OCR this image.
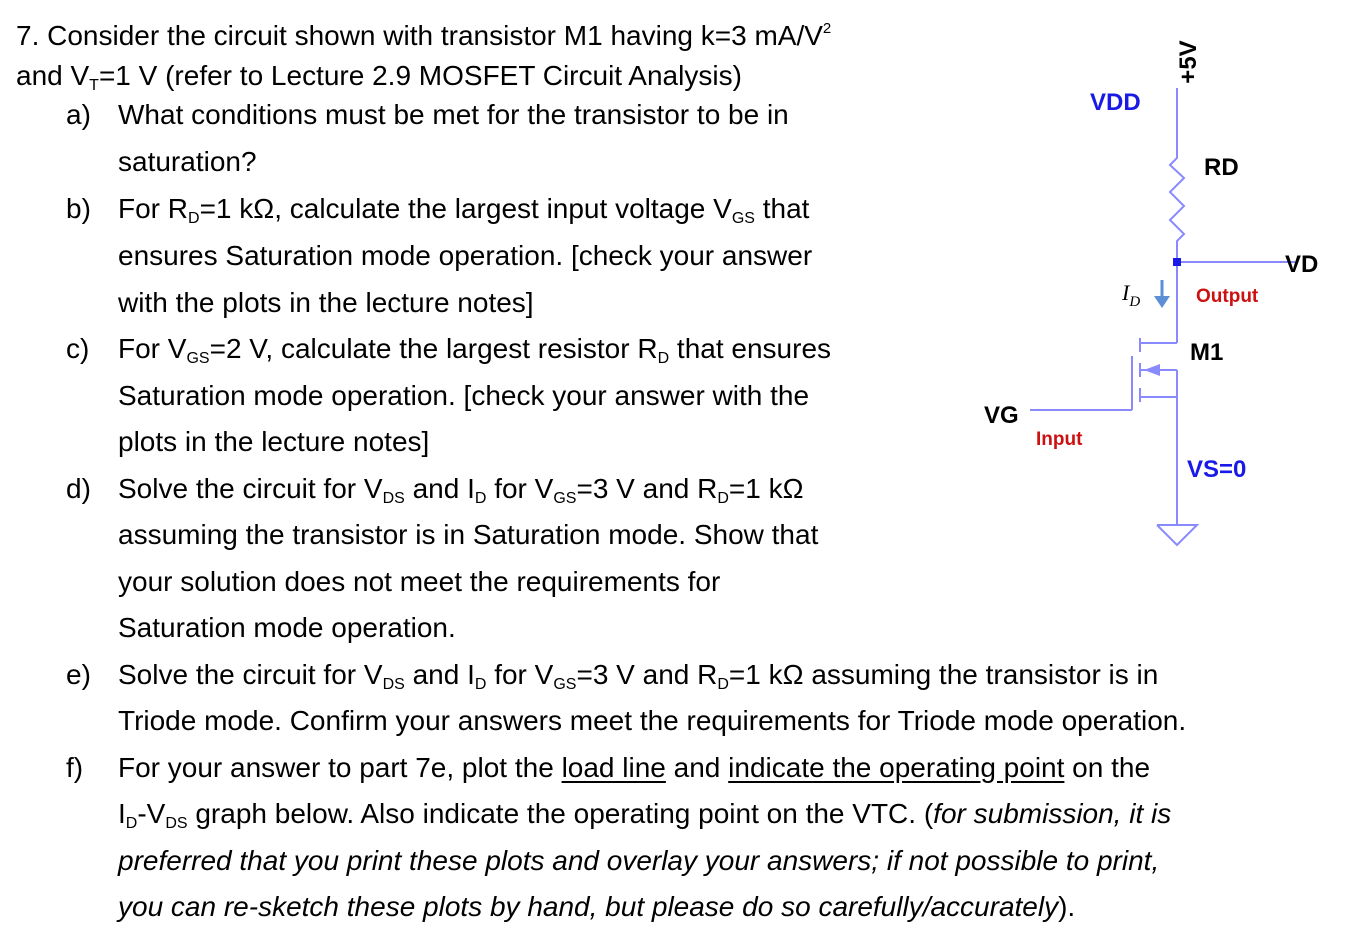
7. Consider the circuit shown with transistor M1 having k=3 $mA/V^2$
and $V_T=1$ V (refer to Lecture 2.9 MOSFET Circuit Analysis)
a) What conditions must be met for the transistor to be in
saturation?
b) For $R_D=1$ kΩ, calculate the largest input voltage $V_{GS}$ that
ensures Saturation mode operation. [check your answer
with the plots in the lecture notes]
c) For $V_{GS}=2$ V, calculate the largest resistor $R_D$ that ensures
Saturation mode operation. [check your answer with the
plots in the lecture notes]
d) Solve the circuit for $V_{DS}$ and $I_D$ for $V_{GS}=3$ V and $R_D=1$ kΩ
assuming the transistor is in Saturation mode. Show that
your solution does not meet the requirements for
Saturation mode operation.
e) Solve the circuit for $V_{DS}$ and $I_D$ for $V_{GS}=3$ V and $R_D=1$ kΩ assuming the transistor is in
Triode mode. Confirm your answers meet the requirements for Triode mode operation.
f) For your answer to part 7e, plot the load line and indicate the operating point on the
$I_D-V_{DS}$ graph below. Also indicate the operating point on the VTC. (for submission, it is
preferred that you print these plots and overlay your answers; if not possible to print,
you can re-sketch these plots by hand, but please do so carefully/accurately).
+5V
VDD
RD
VD
$I_D$	Output
M1
VG
Input
VS=0
